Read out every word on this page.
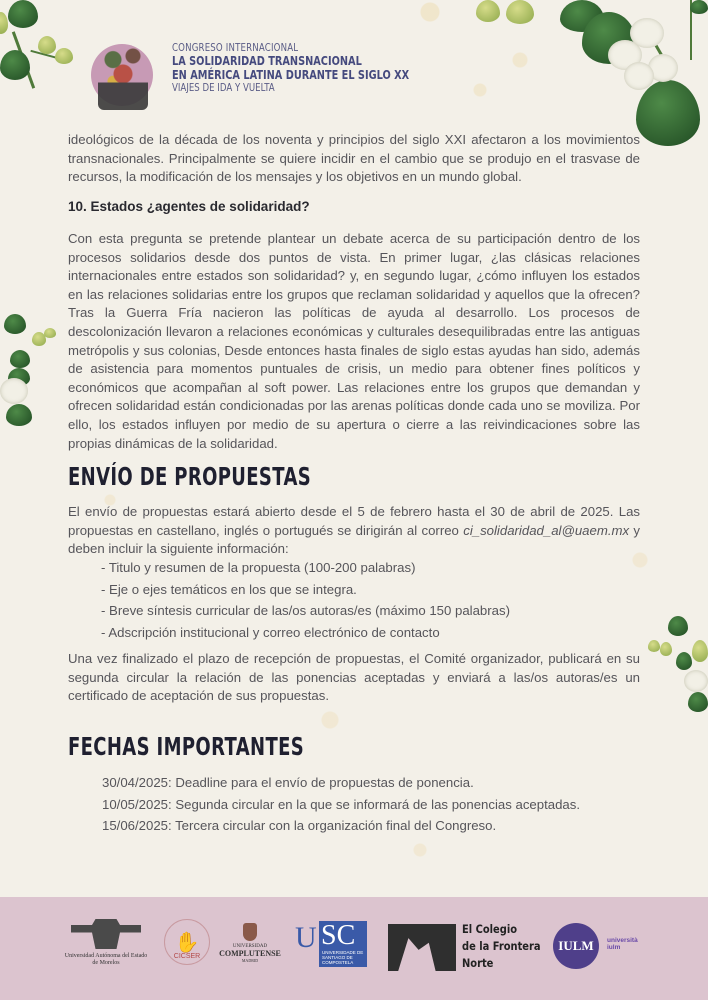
CONGRESO INTERNACIONAL
LA SOLIDARIDAD TRANSNACIONAL
EN AMÉRICA LATINA DURANTE EL SIGLO XX
VIAJES DE IDA Y VUELTA

ideológicos de la década de los noventa y principios del siglo XXI afectaron a los movimientos transnacionales. Principalmente se quiere incidir en el cambio que se produjo en el trasvase de recursos, la modificación de los mensajes y los objetivos en un mundo global.

10. Estados ¿agentes de solidaridad?

Con esta pregunta se pretende plantear un debate acerca de su participación dentro de los procesos solidarios desde dos puntos de vista. En primer lugar, ¿las clásicas relaciones internacionales entre estados son solidaridad? y, en segundo lugar, ¿cómo influyen los estados en las relaciones solidarias entre los grupos que reclaman solidaridad y aquellos que la ofrecen? Tras la Guerra Fría nacieron las políticas de ayuda al desarrollo. Los procesos de descolonización llevaron a relaciones económicas y culturales desequilibradas entre las antiguas metrópolis y sus colonias, Desde entonces hasta finales de siglo estas ayudas han sido, además de asistencia para momentos puntuales de crisis, un medio para obtener fines políticos y económicos que acompañan al soft power. Las relaciones entre los grupos que demandan y ofrecen solidaridad están condicionadas por las arenas políticas donde cada uno se moviliza. Por ello, los estados influyen por medio de su apertura o cierre a las reivindicaciones sobre las propias dinámicas de la solidaridad.

ENVÍO DE PROPUESTAS

El envío de propuestas estará abierto desde el 5 de febrero hasta el 30 de abril de 2025. Las propuestas en castellano, inglés o portugués se dirigirán al correo ci_solidaridad_al@uaem.mx y deben incluir la siguiente información:

- Titulo y resumen de la propuesta (100-200 palabras)
- Eje o ejes temáticos en los que se integra.
- Breve síntesis curricular de las/os autoras/es (máximo 150 palabras)
- Adscripción institucional y correo electrónico de contacto

Una vez finalizado el plazo de recepción de propuestas, el Comité organizador, publicará en su segunda circular la relación de las ponencias aceptadas y enviará a las/os autoras/es un certificado de aceptación de sus propuestas.

FECHAS IMPORTANTES
30/04/2025: Deadline para el envío de propuestas de ponencia.
10/05/2025: Segunda circular en la que se informará de las ponencias aceptadas.
15/06/2025: Tercera circular con la organización final del Congreso.
Universidad Autónoma del Estado de Morelos
✋
CICSER
UNIVERSIDAD
COMPLUTENSE
MADRID
U SC
UNIVERSIDADE DE SANTIAGO DE COMPOSTELA
El Colegio
de la Frontera
Norte
IULM università
iulm
